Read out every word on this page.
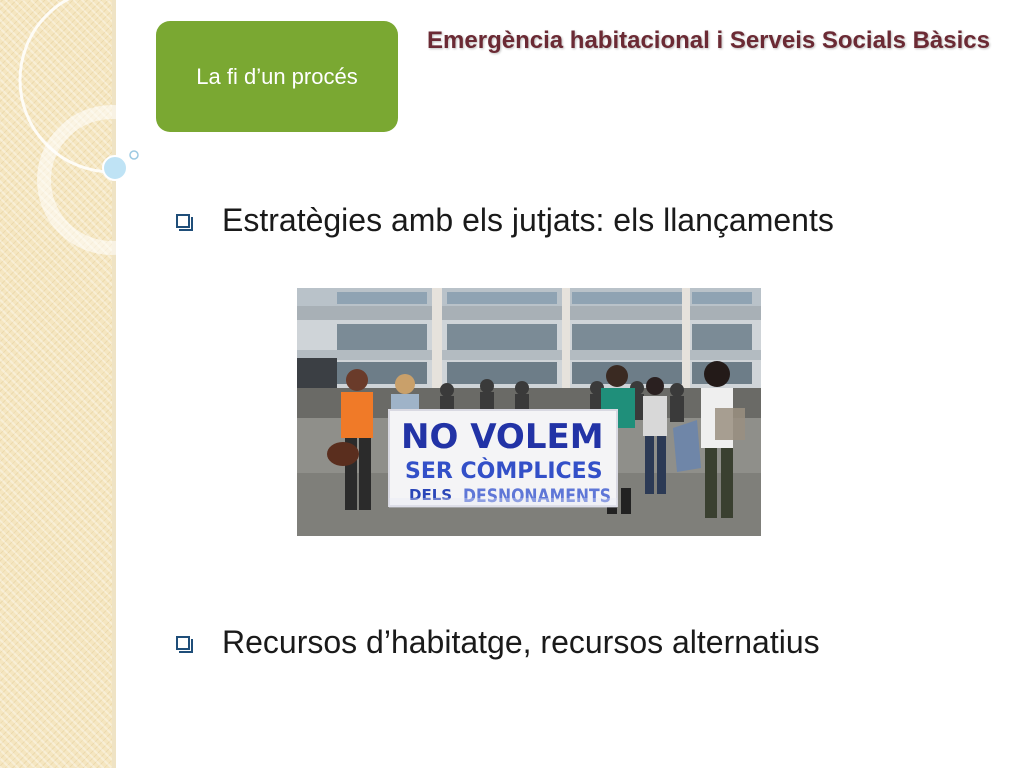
La fi d’un procés
Emergència habitacional i Serveis Socials Bàsics
Estratègies amb els jutjats: els llançaments
NO VOLEM
SER CÒMPLICES
DELS DESNONAMENTS
Recursos d’habitatge, recursos alternatius
